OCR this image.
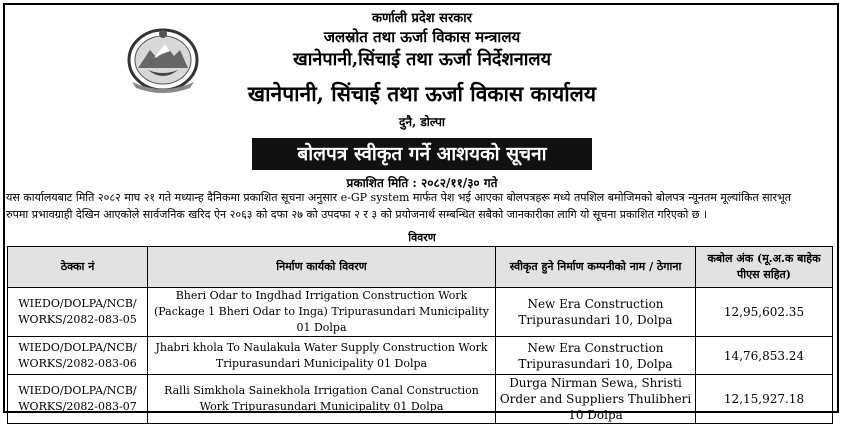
कर्णाली प्रदेश सरकार
जलस्रोत तथा ऊर्जा विकास मन्त्रालय
खानेपानी,सिंचाई तथा ऊर्जा निर्देशनालय
खानेपानी, सिंचाई तथा ऊर्जा विकास कार्यालय
दुनै, डोल्पा
बोलपत्र स्वीकृत गर्ने आशयको सूचना
प्रकाशित मिति : २०८२/११/३० गते
यस कार्यालयबाट मिति २०८२ माघ २१ गते मध्यान्ह दैनिकमा प्रकाशित सूचना अनुसार e-GP system मार्फत पेश भई आएका बोलपत्रहरू मध्ये तपशिल बमोजिमको बोलपत्र न्यूनतम मूल्यांकित सारभूत
रुपमा प्रभावग्राही देखिन आएकोले सार्वजनिक खरिद ऐन २०६३ को दफा २७ को उपदफा २ र ३ को प्रयोजनार्थ सम्बन्धित सबैको जानकारीका लागि यो सूचना प्रकाशित गरिएको छ ।
विवरण
ठेक्का नं	निर्माण कार्यको विवरण	स्वीकृत हुने निर्माण कम्पनीको नाम / ठेगाना	कबोल अंक (मू.अ.क बाहेक पीएस सहित)
WIEDO/DOLPA/NCB/ WORKS/2082-083-05	Bheri Odar to Ingdhad Irrigation Construction Work (Package 1 Bheri Odar to Inga) Tripurasundari Municipality 01 Dolpa	New Era Construction Tripurasundari 10, Dolpa	12,95,602.35
WIEDO/DOLPA/NCB/ WORKS/2082-083-06	Jhabri khola To Naulakula Water Supply Construction Work Tripurasundari Municipality 01 Dolpa	New Era Construction Tripurasundari 10, Dolpa	14,76,853.24
WIEDO/DOLPA/NCB/ WORKS/2082-083-07	Ralli Simkhola Sainekhola Irrigation Canal Construction Work Tripurasundari Municipality 01 Dolpa	Durga Nirman Sewa, Shristi Order and Suppliers Thulibheri 10 Dolpa	12,15,927.18
